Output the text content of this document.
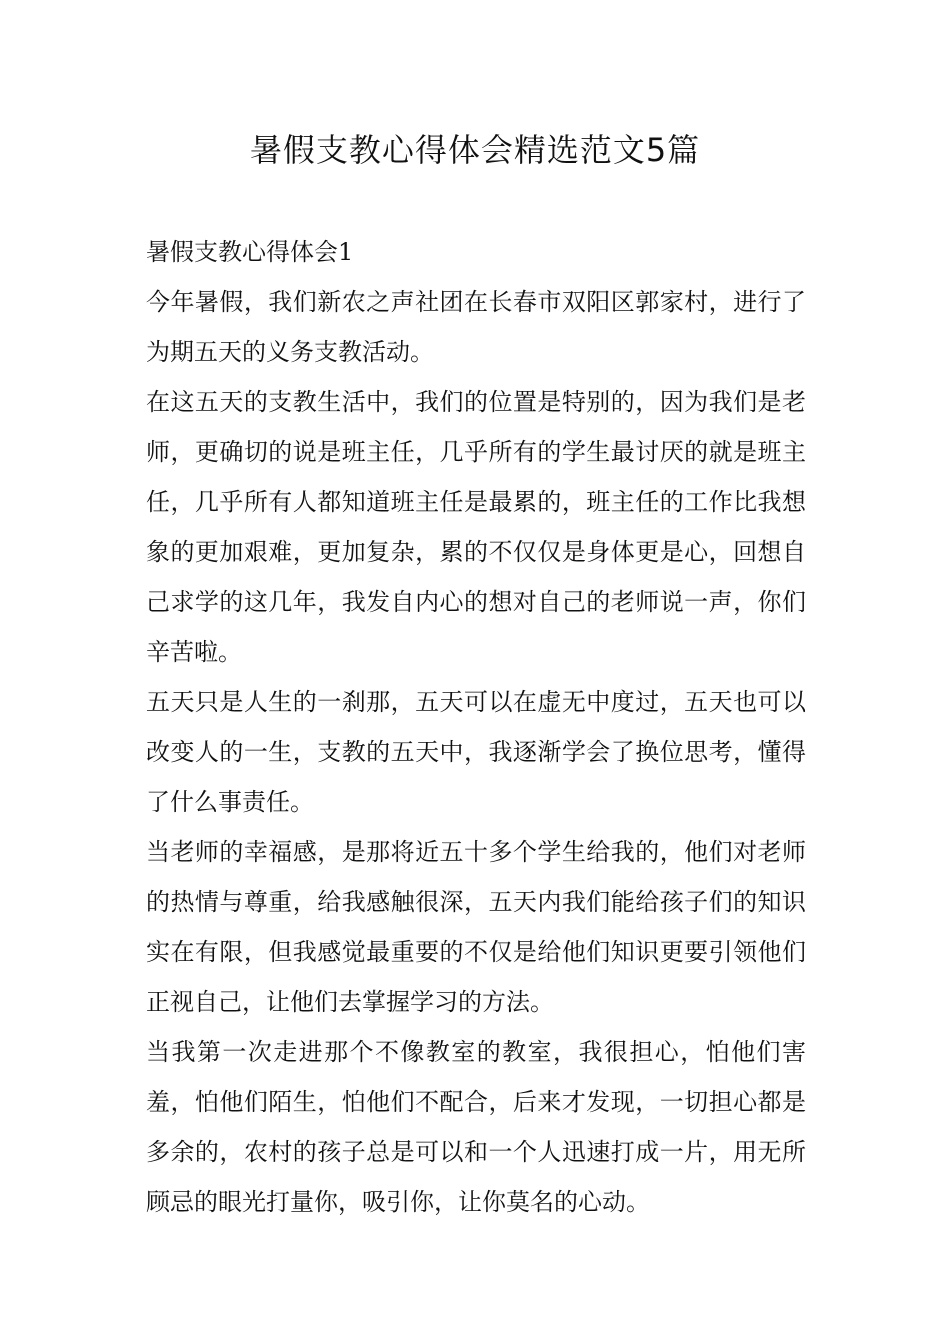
暑假支教心得体会精选范文5篇

暑假支教心得体会1

今年暑假，我们新农之声社团在长春市双阳区郭家村，进行了为期五天的义务支教活动。

在这五天的支教生活中，我们的位置是特别的，因为我们是老师，更确切的说是班主任，几乎所有的学生最讨厌的就是班主任，几乎所有人都知道班主任是最累的，班主任的工作比我想象的更加艰难，更加复杂，累的不仅仅是身体更是心，回想自己求学的这几年，我发自内心的想对自己的老师说一声，你们辛苦啦。

五天只是人生的一刹那，五天可以在虚无中度过，五天也可以改变人的一生，支教的五天中，我逐渐学会了换位思考，懂得了什么事责任。

当老师的幸福感，是那将近五十多个学生给我的，他们对老师的热情与尊重，给我感触很深，五天内我们能给孩子们的知识实在有限，但我感觉最重要的不仅是给他们知识更要引领他们正视自己，让他们去掌握学习的方法。

当我第一次走进那个不像教室的教室，我很担心，怕他们害羞，怕他们陌生，怕他们不配合，后来才发现，一切担心都是多余的，农村的孩子总是可以和一个人迅速打成一片，用无所顾忌的眼光打量你，吸引你，让你莫名的心动。
